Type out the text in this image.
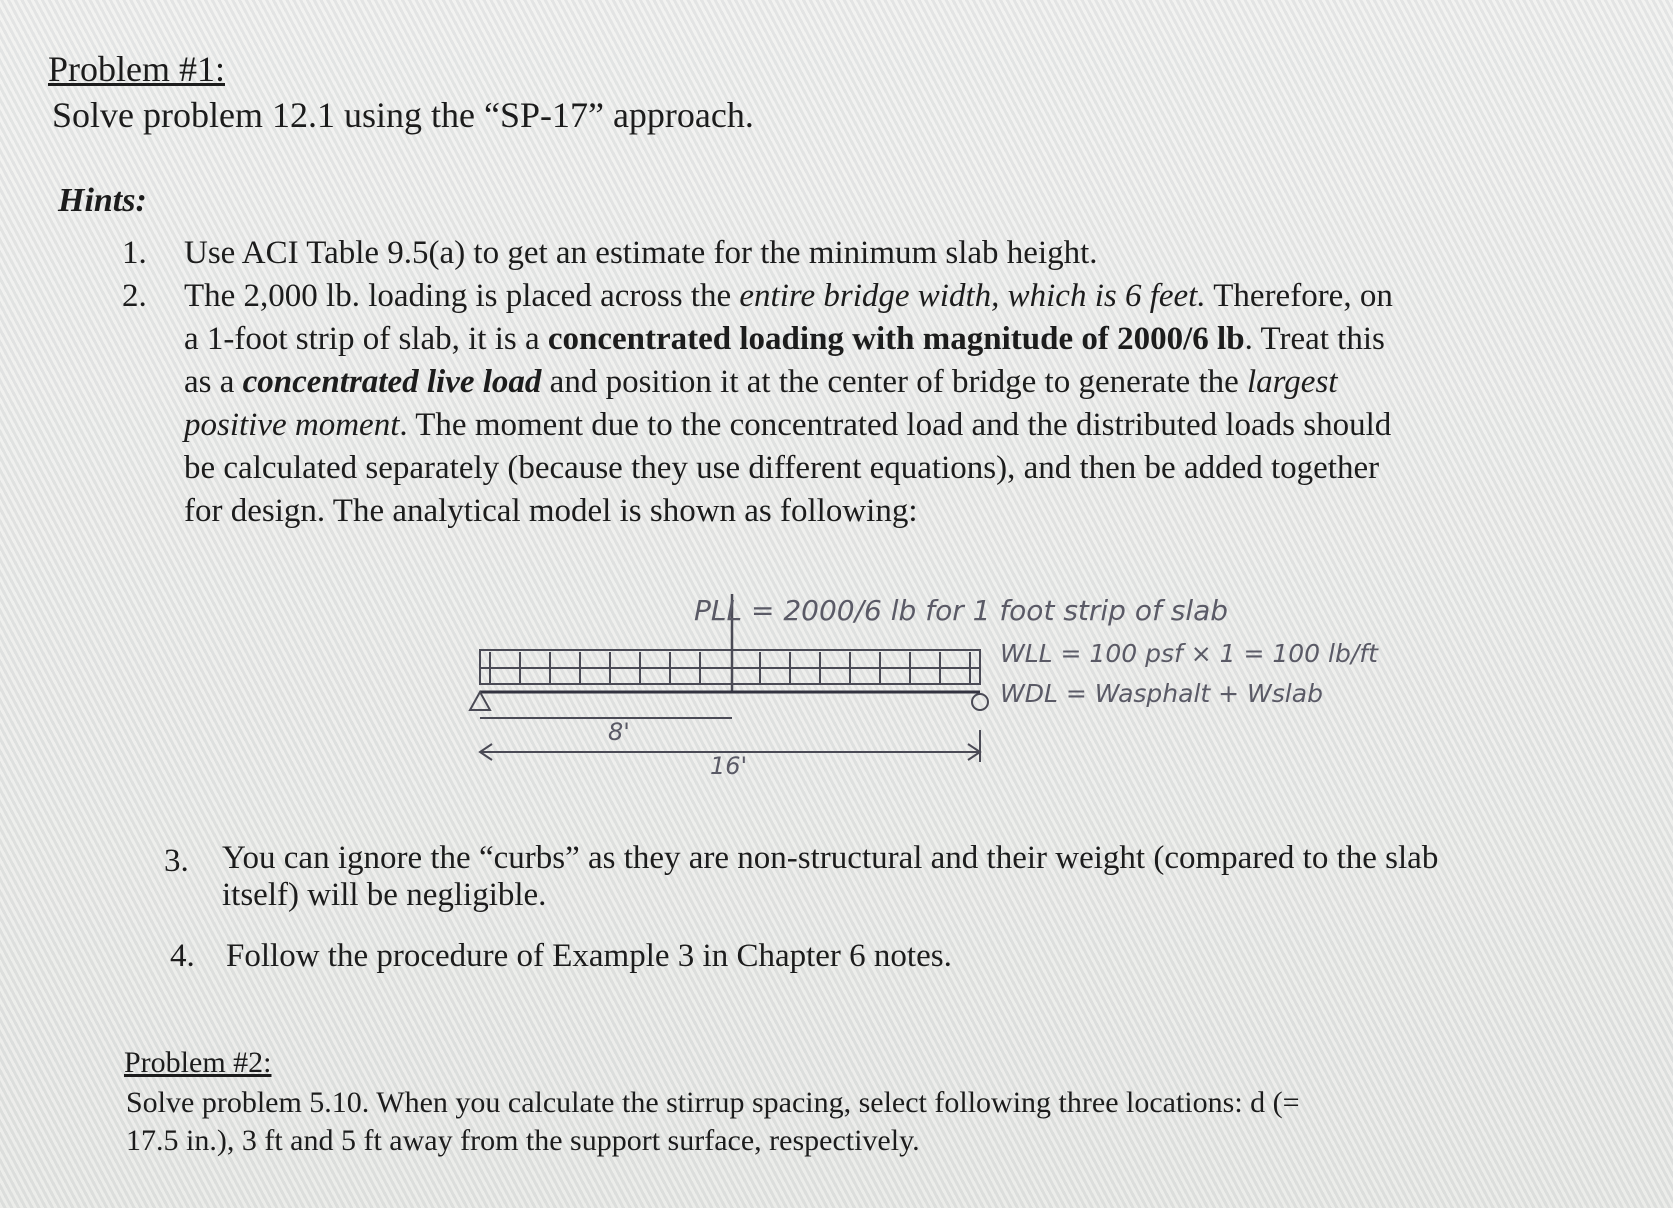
Problem #1:
Solve problem 12.1 using the “SP-17” approach.
Hints:
1. Use ACI Table 9.5(a) to get an estimate for the minimum slab height.
2. The 2,000 lb. loading is placed across the entire bridge width, which is 6 feet. Therefore, on
a 1-foot strip of slab, it is a concentrated loading with magnitude of 2000/6 lb. Treat this
as a concentrated live load and position it at the center of bridge to generate the largest
positive moment. The moment due to the concentrated load and the distributed loads should
be calculated separately (because they use different equations), and then be added together
for design. The analytical model is shown as following:
PLL = 2000/6 lb for 1 foot strip of slab
WLL = 100 psf × 1 = 100 lb/ft
WDL = Wasphalt + Wslab
8'
16'
3. You can ignore the “curbs” as they are non-structural and their weight (compared to the slab
itself) will be negligible.
4. Follow the procedure of Example 3 in Chapter 6 notes.
Problem #2:
Solve problem 5.10. When you calculate the stirrup spacing, select following three locations: d (=
17.5 in.), 3 ft and 5 ft away from the support surface, respectively.
